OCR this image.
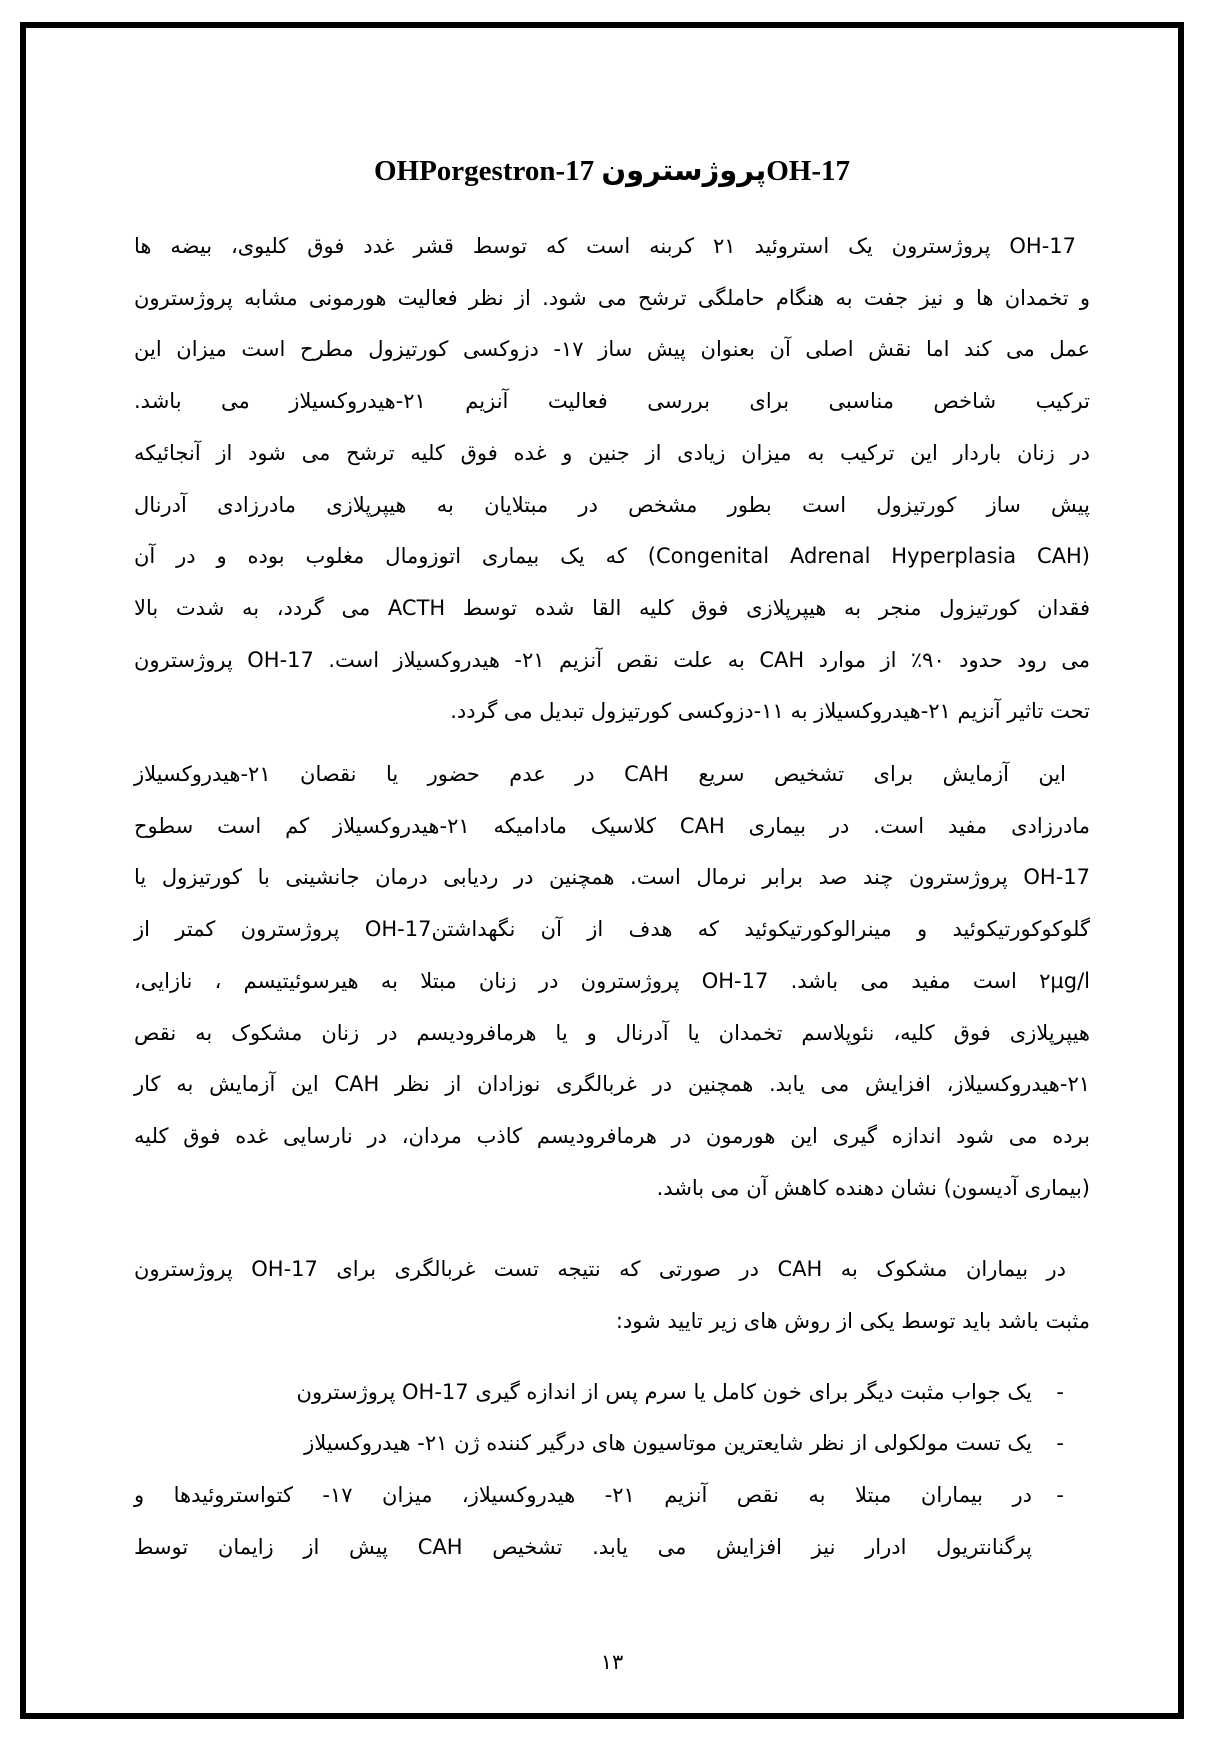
17-OHپروژسترون 17-OHPorgestron
17-OH پروژسترون یک استروئید ۲۱ کربنه است که توسط قشر غدد فوق کلیوی، بیضه ها
و تخمدان ها و نیز جفت به هنگام حاملگی ترشح می شود. از نظر فعالیت هورمونی مشابه پروژسترون
عمل می کند اما نقش اصلی آن بعنوان پیش ساز ۱۷- دزوکسی کورتیزول مطرح است میزان این
ترکیب شاخص مناسبی برای بررسی فعالیت آنزیم ۲۱-هیدروکسیلاز می باشد.
در زنان باردار این ترکیب به میزان زیادی از جنین و غده فوق کلیه ترشح می شود از آنجائیکه
پیش ساز کورتیزول است بطور مشخص در مبتلایان به هیپرپلازی مادرزادی آدرنال
‎(Congenital Adrenal Hyperplasia CAH)‎ که یک بیماری اتوزومال مغلوب بوده و در آن
فقدان کورتیزول منجر به هیپرپلازی فوق کلیه القا شده توسط ACTH می گردد، به شدت بالا
می رود حدود ۹۰٪ از موارد CAH به علت نقص آنزیم ۲۱- هیدروکسیلاز است. 17-OH پروژسترون
تحت تاثیر آنزیم ۲۱-هیدروکسیلاز به ۱۱-دزوکسی کورتیزول تبدیل می گردد.
این آزمایش برای تشخیص سریع CAH در عدم حضور یا نقصان ۲۱-هیدروکسیلاز
مادرزادی مفید است. در بیماری CAH کلاسیک مادامیکه ۲۱-هیدروکسیلاز کم است سطوح
17-OH پروژسترون چند صد برابر نرمال است. همچنین در ردیابی درمان جانشینی با کورتیزول یا
گلوکوکورتیکوئید و مینرالوکورتیکوئید که هدف از آن نگهداشتن17-OH پروژسترون کمتر از
۲µg/l است مفید می باشد. 17-OH پروژسترون در زنان مبتلا به هیرسوئیتیسم ، نازایی،
هیپرپلازی فوق کلیه، نئوپلاسم تخمدان یا آدرنال و یا هرمافرودیسم در زنان مشکوک به نقص
۲۱-هیدروکسیلاز، افزایش می یابد. همچنین در غربالگری نوزادان از نظر CAH این آزمایش به کار
برده می شود اندازه گیری این هورمون در هرمافرودیسم کاذب مردان، در نارسایی غده فوق کلیه
(بیماری آدیسون) نشان دهنده کاهش آن می باشد.
در بیماران مشکوک به CAH در صورتی که نتیجه تست غربالگری برای 17-OH پروژسترون
مثبت باشد باید توسط یکی از روش های زیر تایید شود:
-
یک جواب مثبت دیگر برای خون کامل یا سرم پس از اندازه گیری 17-OH پروژسترون
-
یک تست مولکولی از نظر شایعترین موتاسیون های درگیر کننده ژن ۲۱- هیدروکسیلاز
-
در بیماران مبتلا به نقص آنزیم ۲۱- هیدروکسیلاز، میزان ۱۷- کتواستروئیدها و
پرگنانتریول ادرار نیز افزایش می یابد. تشخیص CAH پیش از زایمان توسط
۱۳
